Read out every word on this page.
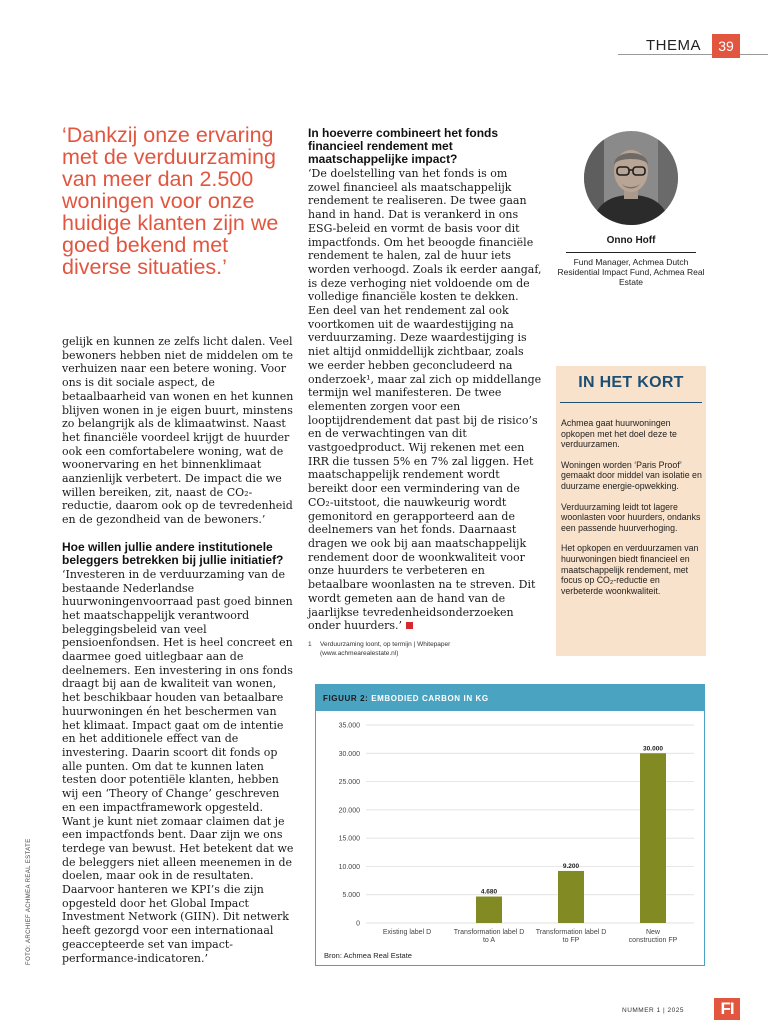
THEMA	39
‘Dankzij onze ervaring met de verduurzaming van meer dan 2.500 woningen voor onze huidige klanten zijn we goed bekend met diverse situaties.’

gelijk en kunnen ze zelfs licht dalen. Veel bewoners hebben niet de middelen om te verhuizen naar een betere woning. Voor ons is dit sociale aspect, de betaalbaarheid van wonen en het kunnen blijven wonen in je eigen buurt, minstens zo belangrijk als de klimaatwinst. Naast het financiële voordeel krijgt de huurder ook een comfortabelere woning, wat de woonervaring en het binnenklimaat aanzienlijk verbetert. De impact die we willen bereiken, zit, naast de CO₂-reductie, daarom ook op de tevredenheid en de gezondheid van de bewoners.’

Hoe willen jullie andere institutionele beleggers betrekken bij jullie initiatief?

‘Investeren in de verduurzaming van de bestaande Nederlandse huurwoningenvoorraad past goed binnen het maatschappelijk verantwoord beleggingsbeleid van veel pensioenfondsen. Het is heel concreet en daarmee goed uitlegbaar aan de deelnemers. Een investering in ons fonds draagt bij aan de kwaliteit van wonen, het beschikbaar houden van betaalbare huurwoningen én het beschermen van het klimaat. Impact gaat om de intentie en het additionele effect van de investering. Daarin scoort dit fonds op alle punten. Om dat te kunnen laten testen door potentiële klanten, hebben wij een ‘Theory of Change’ geschreven en een impactframework opgesteld. Want je kunt niet zomaar claimen dat je een impactfonds bent. Daar zijn we ons terdege van bewust. Het betekent dat we de beleggers niet alleen meenemen in de doelen, maar ook in de resultaten. Daarvoor hanteren we KPI’s die zijn opgesteld door het Global Impact Investment Network (GIIN). Dit netwerk heeft gezorgd voor een internationaal geaccepteerde set van impact-performance-indicatoren.’

In hoeverre combineert het fonds financieel rendement met maatschappelijke impact?

‘De doelstelling van het fonds is om zowel financieel als maatschappelijk rendement te realiseren. De twee gaan hand in hand. Dat is verankerd in ons ESG-beleid en vormt de basis voor dit impactfonds. Om het beoogde financiële rendement te halen, zal de huur iets worden verhoogd. Zoals ik eerder aangaf, is deze verhoging niet voldoende om de volledige financiële kosten te dekken. Een deel van het rendement zal ook voortkomen uit de waardestijging na verduurzaming. Deze waardestijging is niet altijd onmiddellijk zichtbaar, zoals we eerder hebben geconcludeerd na onderzoek¹, maar zal zich op middellange termijn wel manifesteren. De twee elementen zorgen voor een looptijdrendement dat past bij de risico’s en de verwachtingen van dit vastgoedproduct. Wij rekenen met een IRR die tussen 5% en 7% zal liggen. Het maatschappelijk rendement wordt bereikt door een vermindering van de CO₂-uitstoot, die nauwkeurig wordt gemonitord en gerapporteerd aan de deelnemers van het fonds. Daarnaast dragen we ook bij aan maatschappelijk rendement door de woonkwaliteit voor onze huurders te verbeteren en betaalbare woonlasten na te streven. Dit wordt gemeten aan de hand van de jaarlijkse tevredenheidsonderzoeken onder huurders.’

1	Verduurzaming loont, op termijn | Whitepaper (www.achmearealestate.nl)
FOTO: ARCHIEF ACHMEA REAL ESTATE
Onno Hoff
Fund Manager, Achmea Dutch Residential Impact Fund, Achmea Real Estate
IN HET KORT

Achmea gaat huurwoningen opkopen met het doel deze te verduurzamen.

Woningen worden ‘Paris Proof’ gemaakt door middel van isolatie en duurzame energie-opwekking.

Verduurzaming leidt tot lagere woonlasten voor huurders, ondanks een passende huurverhoging.

Het opkopen en verduurzamen van huurwoningen biedt financieel en maatschappelijk rendement, met focus op CO₂-reductie en verbeterde woonkwaliteit.

FIGUUR 2: EMBODIED CARBON IN KG
0
5.000
10.000
15.000
20.000
25.000
30.000
35.000
Existing label D
4.680
Transformation label D
to A
9.200
Transformation label D
to FP
30.000
New
construction FP
Bron: Achmea Real Estate
NUMMER 1 | 2025	FI
